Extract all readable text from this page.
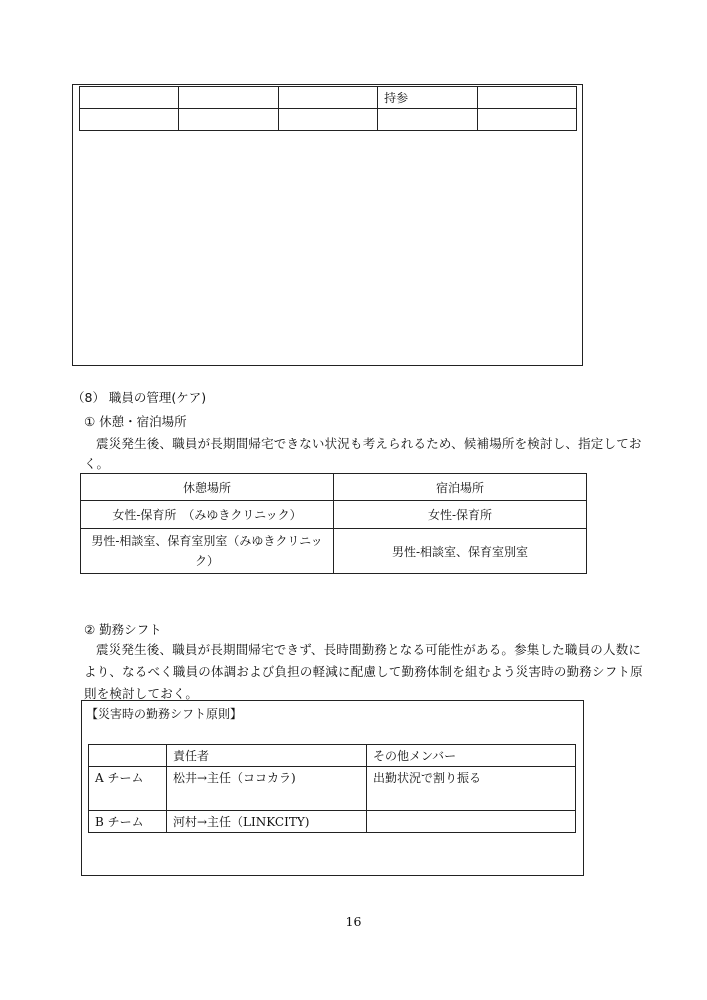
			持参	

（8） 職員の管理(ケア)
① 休憩・宿泊場所
震災発生後、職員が長期間帰宅できない状況も考えられるため、候補場所を検討し、指定してお
く。
休憩場所	宿泊場所
女性-保育所　（みゆきクリニック）	女性-保育所
男性-相談室、保育室別室（みゆきクリニック）	男性-相談室、保育室別室
② 勤務シフト
震災発生後、職員が長期間帰宅できず、長時間勤務となる可能性がある。参集した職員の人数に
より、なるべく職員の体調および負担の軽減に配慮して勤務体制を組むよう災害時の勤務シフト原
則を検討しておく。
【災害時の勤務シフト原則】
	責任者	その他メンバー
A チーム	松井→主任（ココカラ)	出勤状況で割り振る
B チーム	河村→主任（LINKCITY)	
16
